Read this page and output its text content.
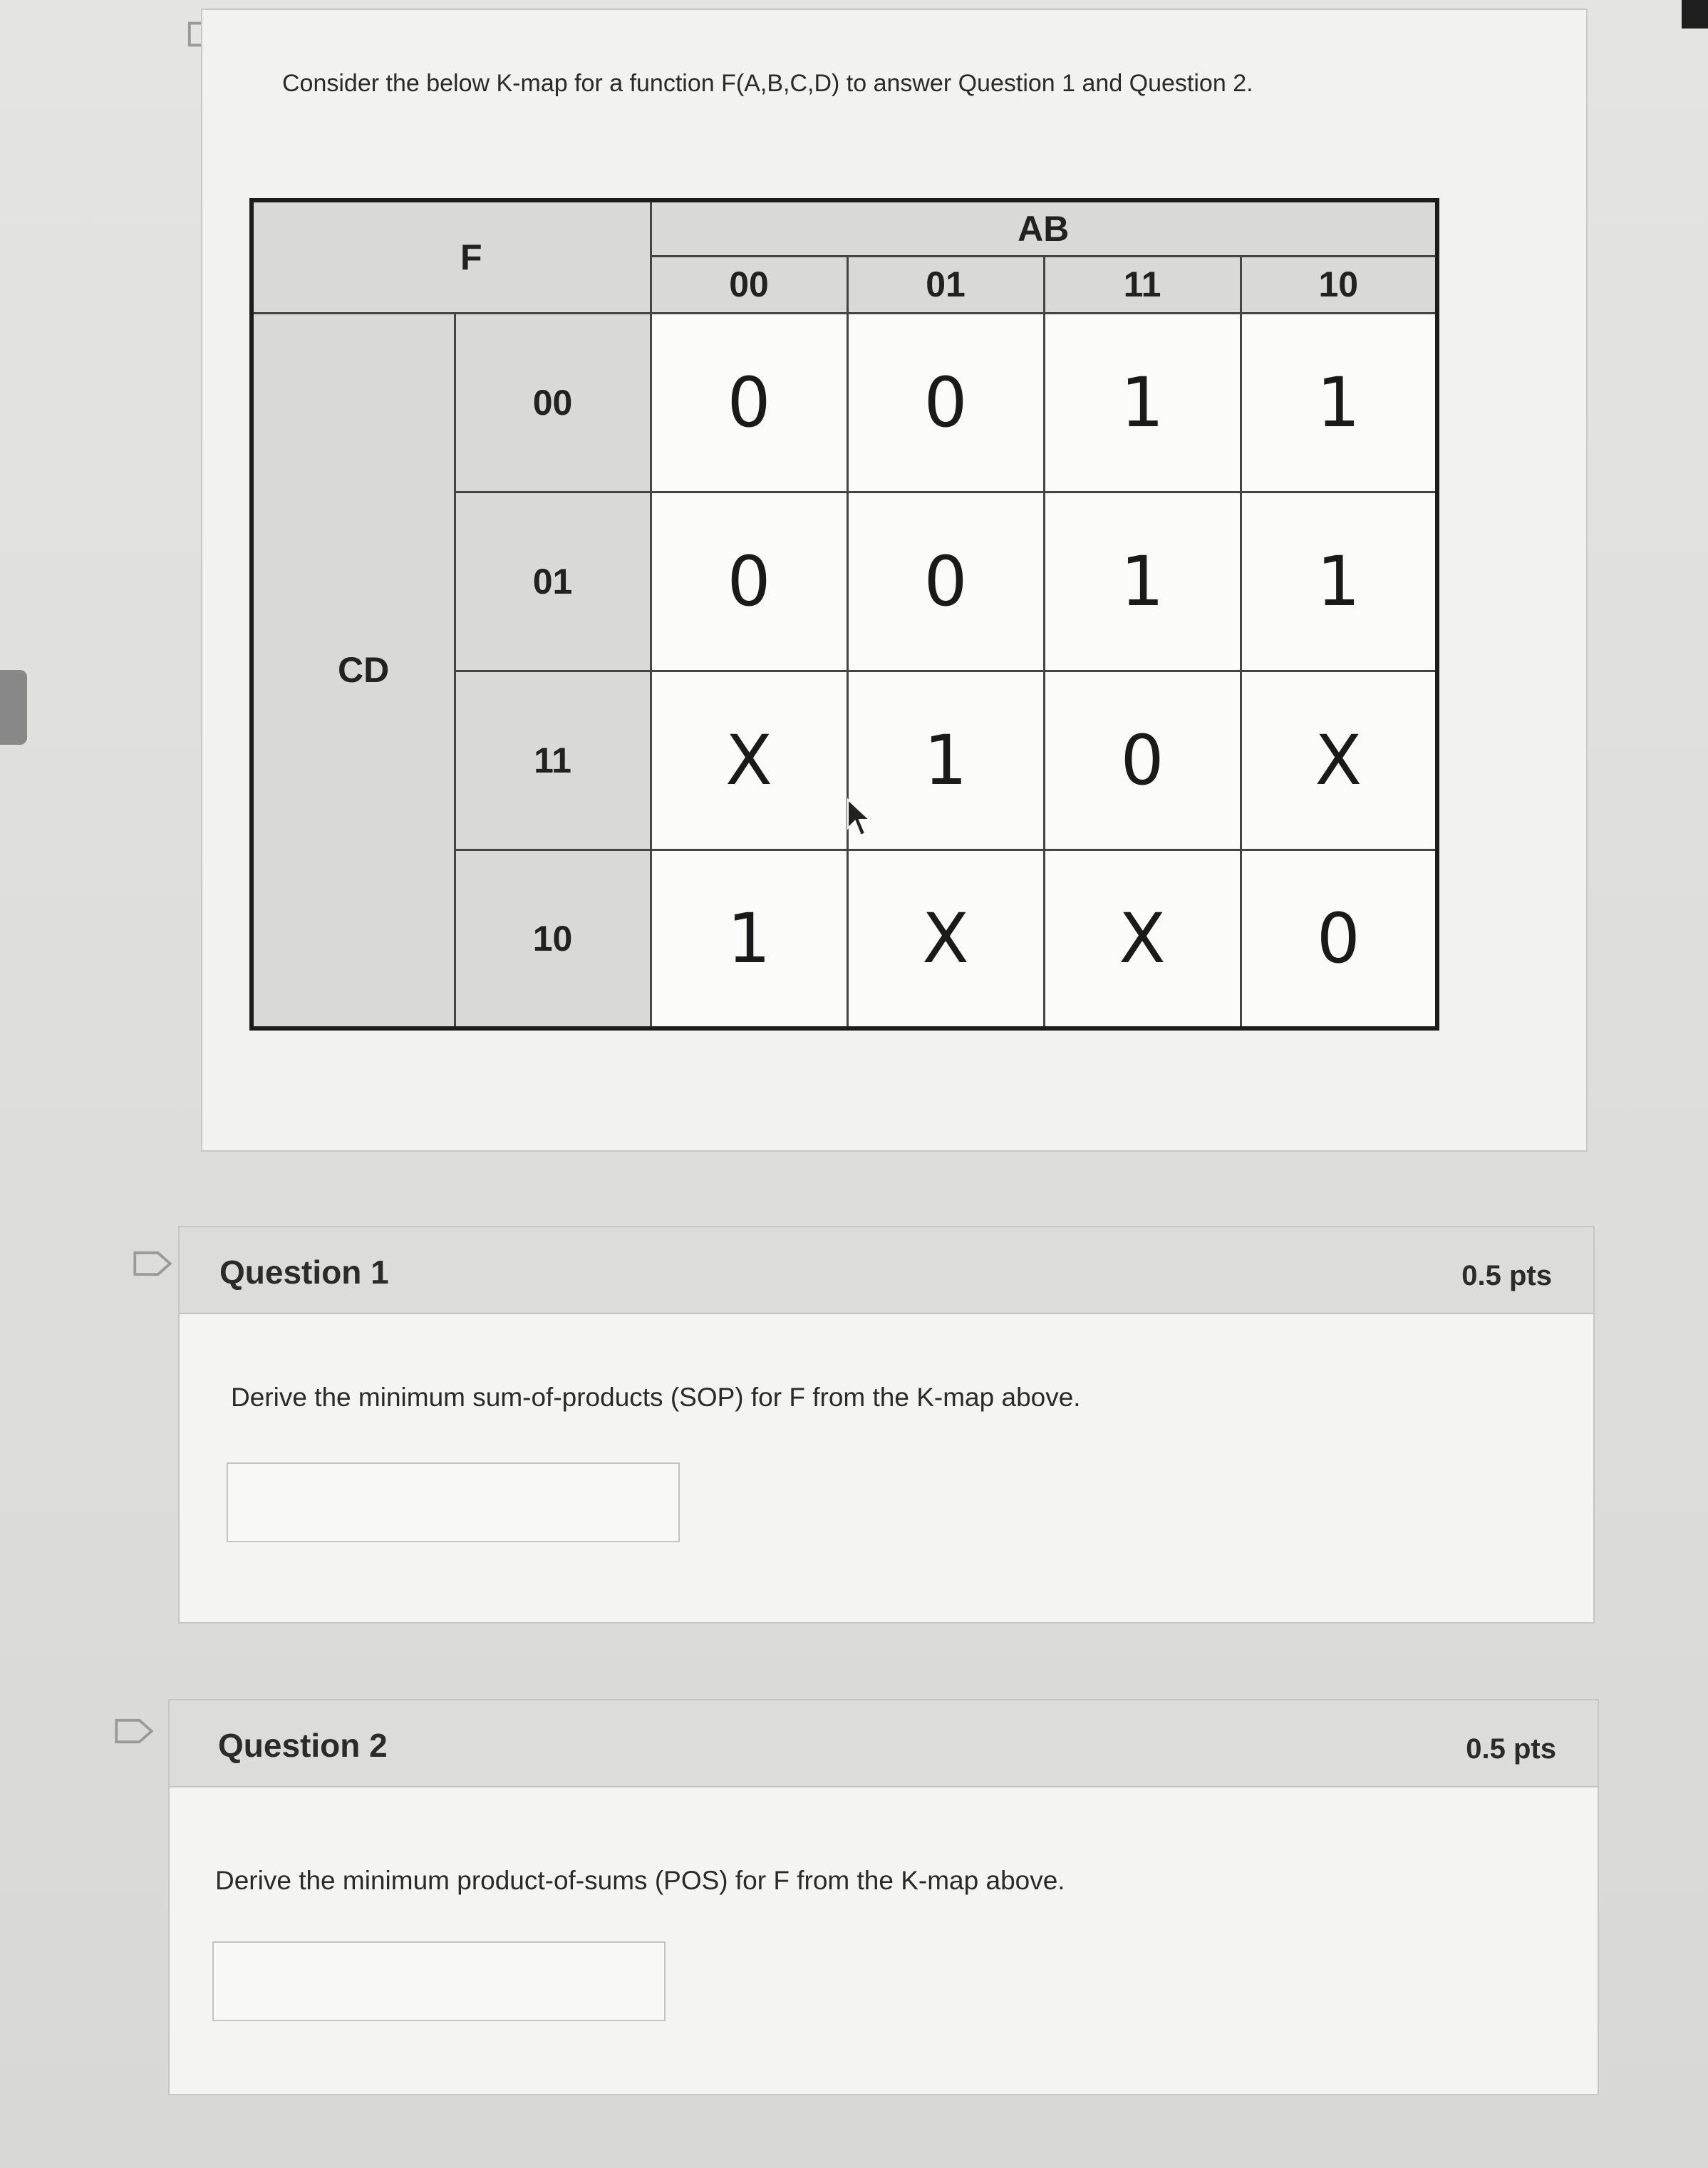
Consider the below K-map for a function F(A,B,C,D) to answer Question 1 and Question 2.
F		AB			
		00	01	11	10
CD	00	0	0	1	1
	01	0	0	1	1
	11	X	1	0	X
	10	1	X	X	0
Question 1	0.5 pts
Derive the minimum sum-of-products (SOP) for F from the K-map above.
Question 2	0.5 pts
Derive the minimum product-of-sums (POS) for F from the K-map above.
